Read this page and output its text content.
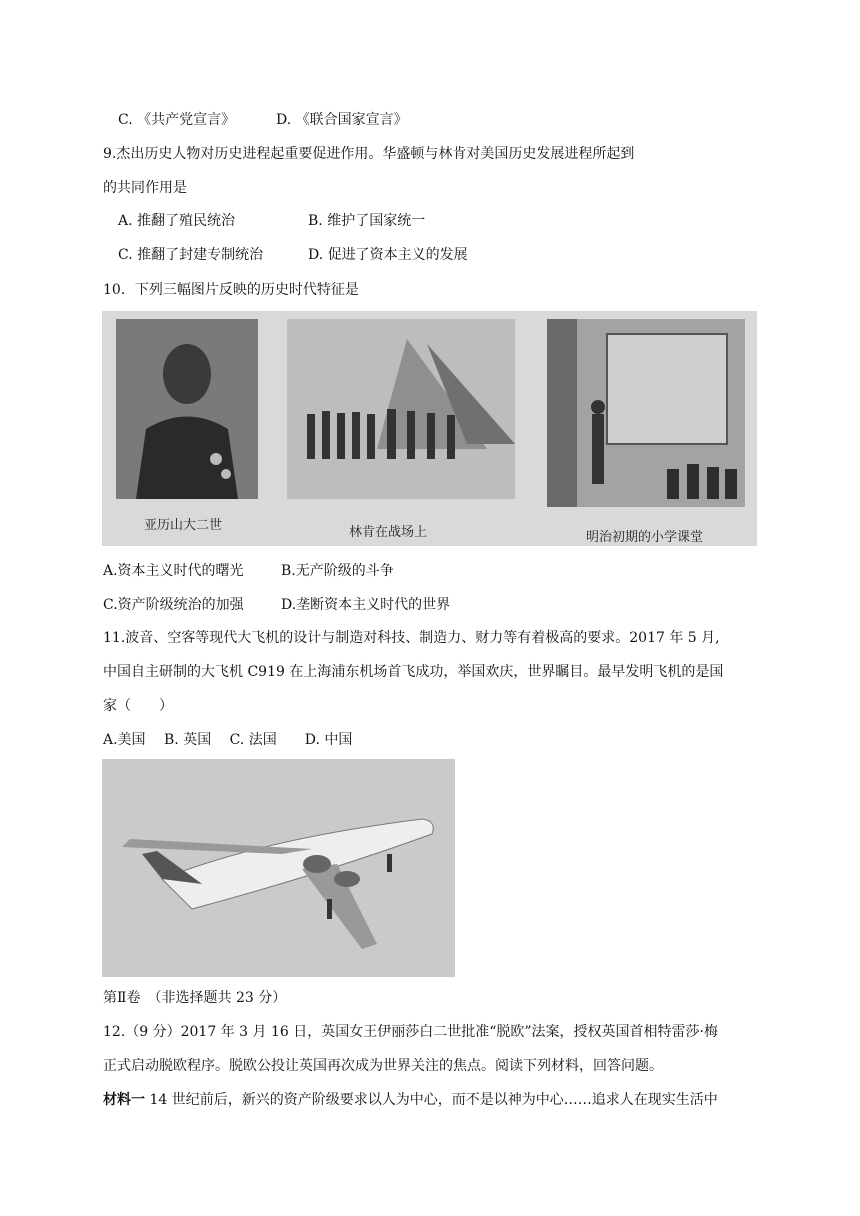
C. 《共产党宣言》	D. 《联合国家宣言》
9.杰出历史人物对历史进程起重要促进作用。华盛顿与林肯对美国历史发展进程所起到
的共同作用是
A. 推翻了殖民统治	B. 维护了国家统一
C. 推翻了封建专制统治	D. 促进了资本主义的发展
10．下列三幅图片反映的历史时代特征是
亚历山大二世	林肯在战场上	明治初期的小学课堂
A.资本主义时代的曙光	B.无产阶级的斗争
C.资产阶级统治的加强	D.垄断资本主义时代的世界
11.波音、空客等现代大飞机的设计与制造对科技、制造力、财力等有着极高的要求。2017 年 5 月,
中国自主研制的大飞机 C919 在上海浦东机场首飞成功，举国欢庆，世界瞩目。最早发明飞机的是国
家（　　）
A.美国　 B. 英国　 C. 法国　　D. 中国
第Ⅱ卷　（非选择题共 23 分）
12.（9 分）2017 年 3 月 16 日，英国女王伊丽莎白二世批准“脱欧”法案，授权英国首相特雷莎·梅
正式启动脱欧程序。脱欧公投让英国再次成为世界关注的焦点。阅读下列材料，回答问题。
材料一 14 世纪前后，新兴的资产阶级要求以人为中心，而不是以神为中心……追求人在现实生活中
